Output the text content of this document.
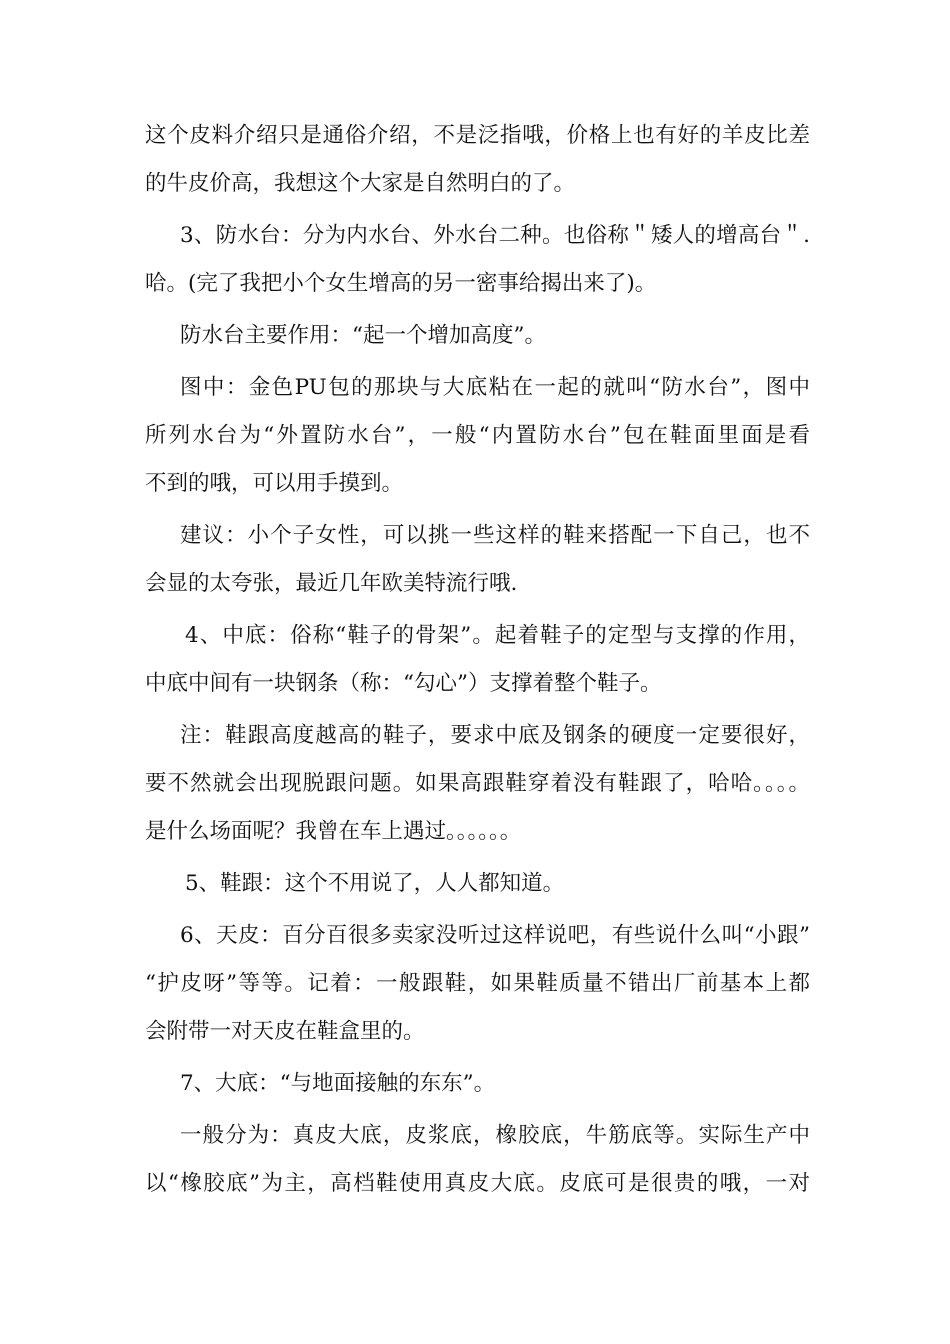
这个皮料介绍只是通俗介绍，不是泛指哦，价格上也有好的羊皮比差
的牛皮价高，我想这个大家是自然明白的了。
3、防水台：分为内水台、外水台二种。也俗称＂矮人的增高台＂.
哈。(完了我把小个女生增高的另一密事给揭出来了)。
防水台主要作用：“起一个增加高度”。
图中：金色PU包的那块与大底粘在一起的就叫“防水台”，图中
所列水台为“外置防水台”，一般“内置防水台”包在鞋面里面是看
不到的哦，可以用手摸到。
建议：小个子女性，可以挑一些这样的鞋来搭配一下自己，也不
会显的太夸张，最近几年欧美特流行哦.
4、中底：俗称“鞋子的骨架”。起着鞋子的定型与支撑的作用，
中底中间有一块钢条（称：“勾心”）支撑着整个鞋子。
注：鞋跟高度越高的鞋子，要求中底及钢条的硬度一定要很好，
要不然就会出现脱跟问题。如果高跟鞋穿着没有鞋跟了，哈哈。。。。
是什么场面呢？我曾在车上遇过。。。。。。
5、鞋跟：这个不用说了，人人都知道。
6、天皮：百分百很多卖家没听过这样说吧，有些说什么叫“小跟”
“护皮呀”等等。记着：一般跟鞋，如果鞋质量不错出厂前基本上都
会附带一对天皮在鞋盒里的。
7、大底：“与地面接触的东东”。
一般分为：真皮大底，皮浆底，橡胶底，牛筋底等。实际生产中
以“橡胶底”为主，高档鞋使用真皮大底。皮底可是很贵的哦，一对
